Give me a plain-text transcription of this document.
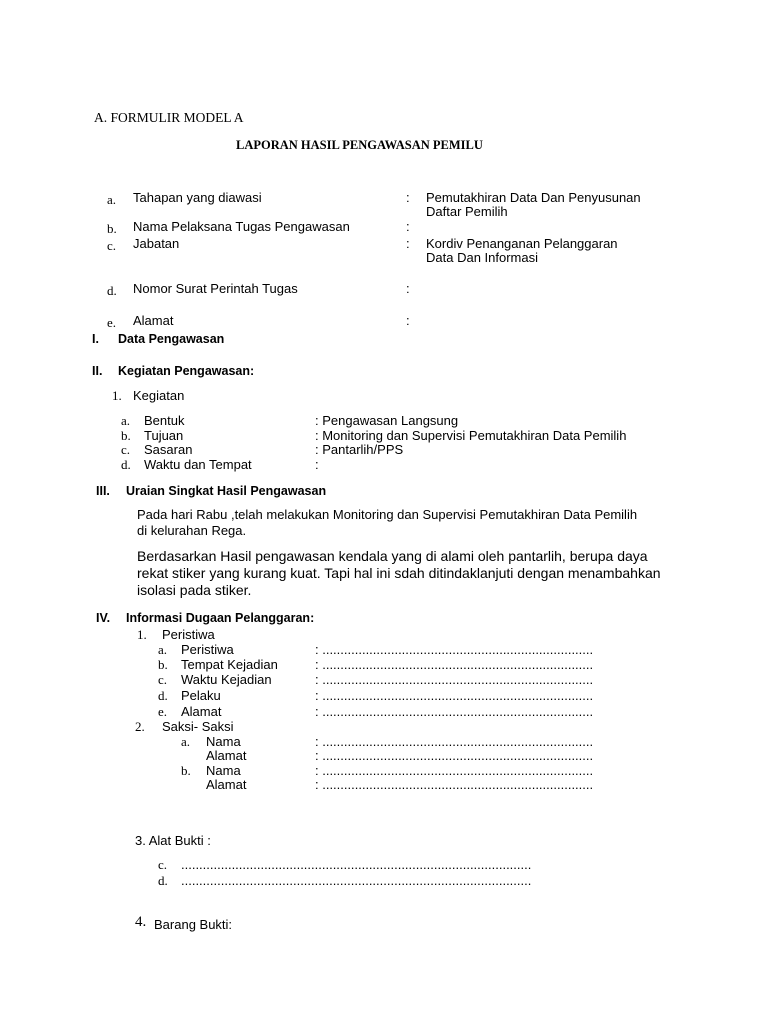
A. FORMULIR MODEL A
LAPORAN HASIL PENGAWASAN PEMILU
a. Tahapan yang diawasi	: Pemutakhiran Data Dan Penyusunan
Daftar Pemilih
b. Nama Pelaksana Tugas Pengawasan	:
c. Jabatan	: Kordiv Penanganan Pelanggaran
Data Dan Informasi
d. Nomor Surat Perintah Tugas	:
e. Alamat	:
I. Data Pengawasan
II. Kegiatan Pengawasan:
1. Kegiatan
a. Bentuk	: Pengawasan Langsung
b. Tujuan	: Monitoring dan Supervisi Pemutakhiran Data Pemilih
c. Sasaran	: Pantarlih/PPS
d. Waktu dan Tempat	:
III. Uraian Singkat Hasil Pengawasan
Pada hari Rabu ,telah melakukan Monitoring dan Supervisi Pemutakhiran Data Pemilih
di kelurahan Rega.
Berdasarkan Hasil pengawasan kendala yang di alami oleh pantarlih, berupa daya rekat stiker yang kurang kuat. Tapi hal ini sdah ditindaklanjuti dengan menambahkan isolasi pada stiker.
IV. Informasi Dugaan Pelanggaran:
1. Peristiwa
a. Peristiwa	: ...........................................................................
b. Tempat Kejadian	: ...........................................................................
c. Waktu Kejadian	: ...........................................................................
d. Pelaku	: ...........................................................................
e. Alamat	: ...........................................................................
2. Saksi- Saksi
a. Nama	: ...........................................................................
Alamat	: ...........................................................................
b. Nama	: ...........................................................................
Alamat	: ...........................................................................
3. Alat Bukti :
c. .................................................................................................
d. .................................................................................................
4. Barang Bukti:
